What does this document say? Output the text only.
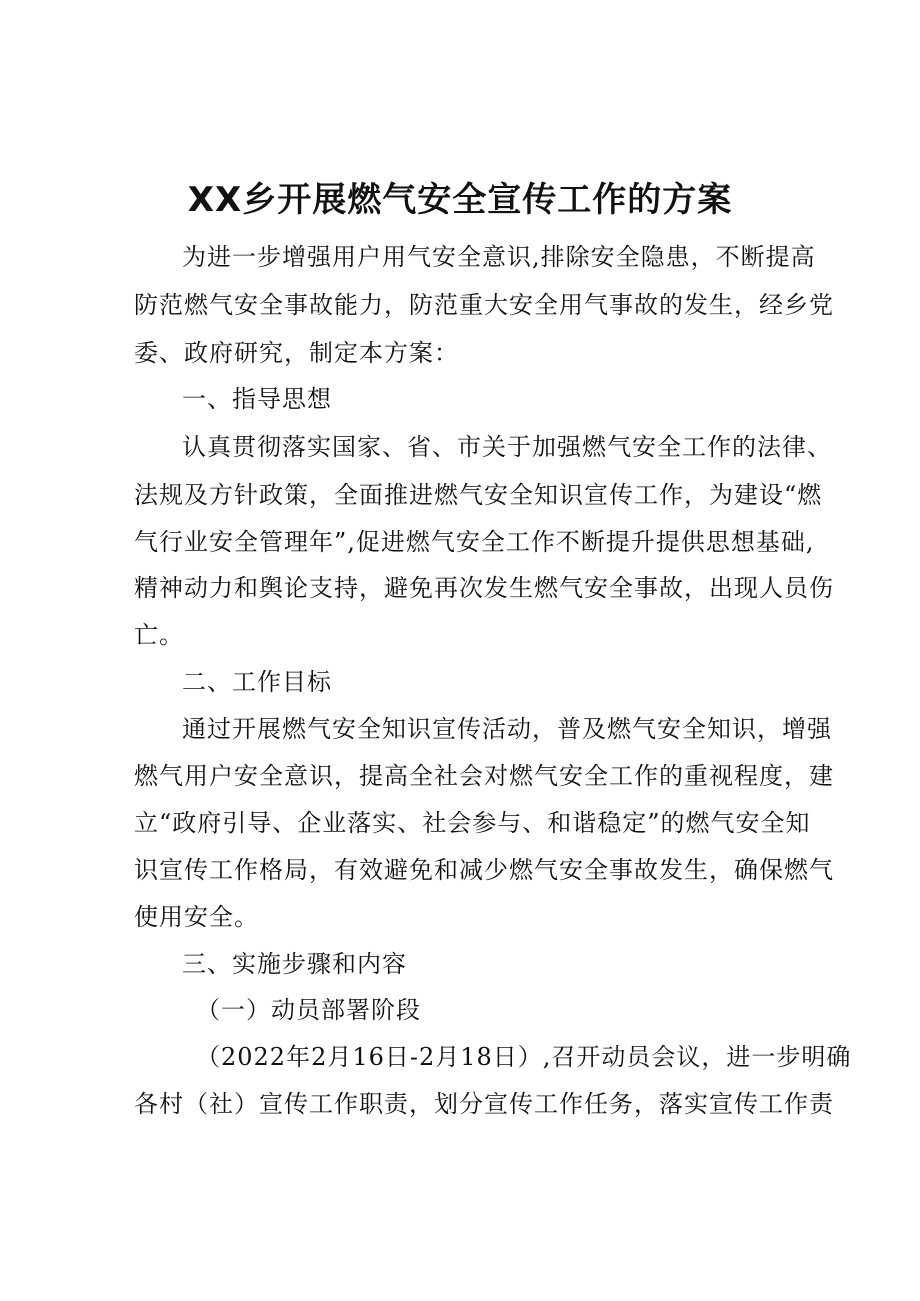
XX乡开展燃气安全宣传工作的方案
为进一步增强用户用气安全意识,排除安全隐患，不断提高
防范燃气安全事故能力，防范重大安全用气事故的发生，经乡党
委、政府研究，制定本方案：
一、指导思想
认真贯彻落实国家、省、市关于加强燃气安全工作的法律、
法规及方针政策，全面推进燃气安全知识宣传工作，为建设“燃
气行业安全管理年”,促进燃气安全工作不断提升提供思想基础,
精神动力和舆论支持，避免再次发生燃气安全事故，出现人员伤
亡。
二、工作目标
通过开展燃气安全知识宣传活动，普及燃气安全知识，增强
燃气用户安全意识，提高全社会对燃气安全工作的重视程度，建
立“政府引导、企业落实、社会参与、和谐稳定”的燃气安全知
识宣传工作格局，有效避免和减少燃气安全事故发生，确保燃气
使用安全。
三、实施步骤和内容
（一）动员部署阶段
（2022年2月16日-2月18日）,召开动员会议，进一步明确
各村（社）宣传工作职责，划分宣传工作任务，落实宣传工作责
